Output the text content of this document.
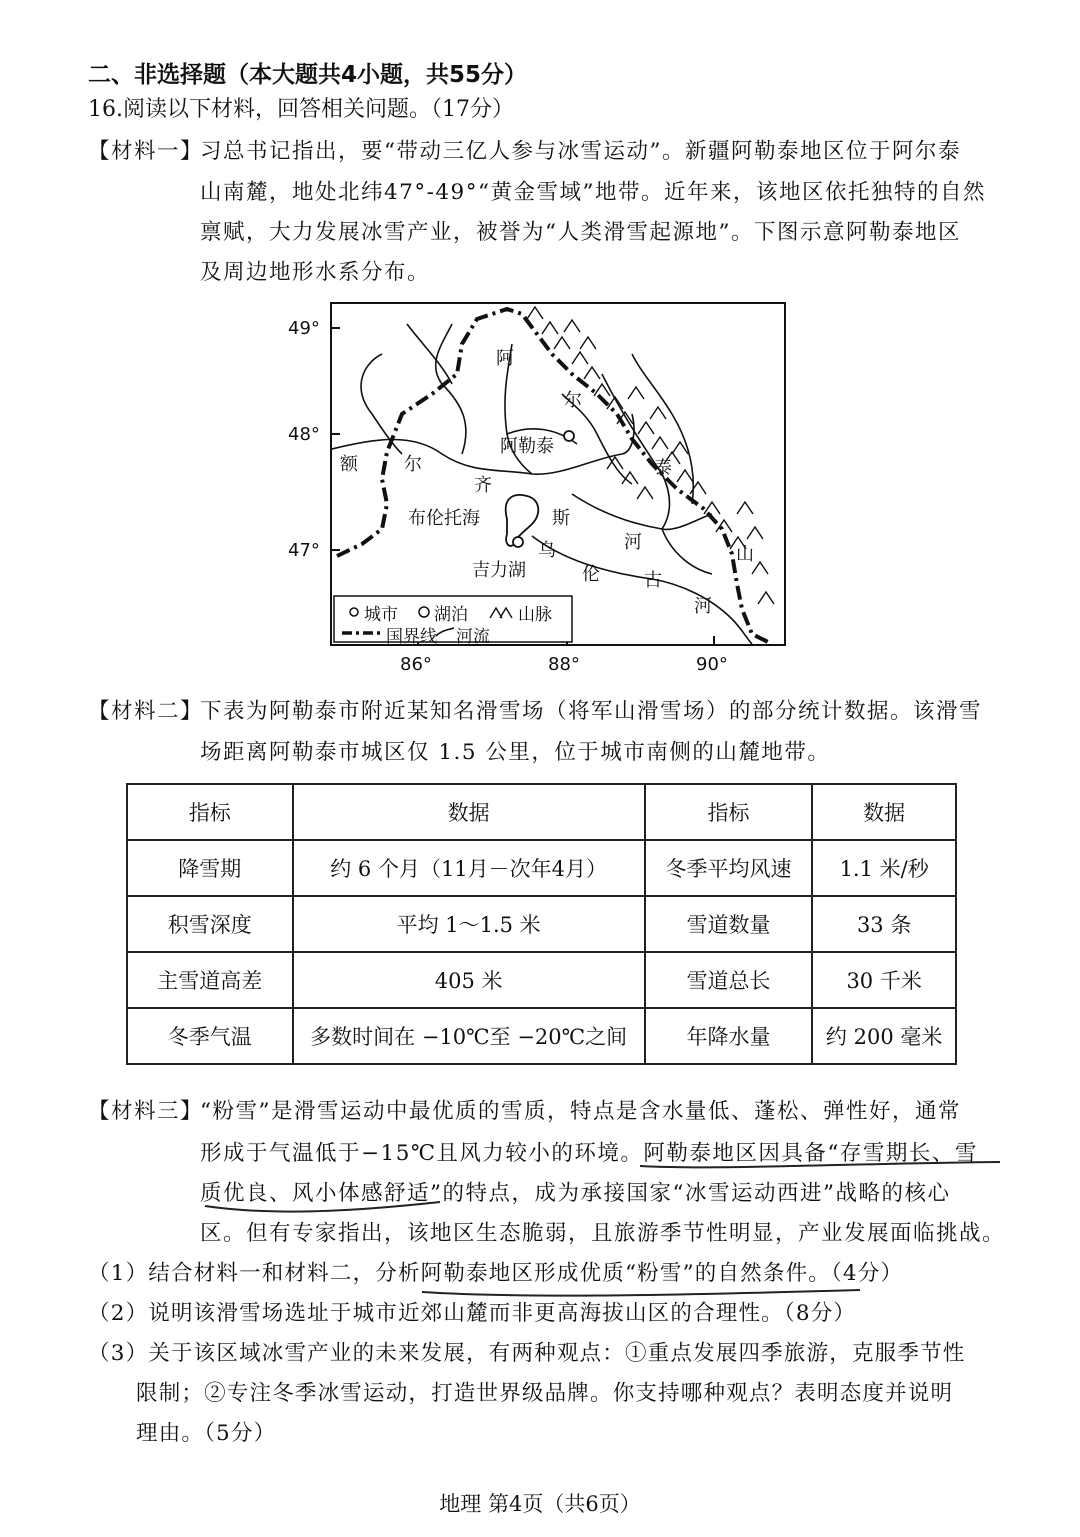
二、非选择题（本大题共4小题，共55分）
16.阅读以下材料，回答相关问题。（17分）
【材料一】
习总书记指出，要“带动三亿人参与冰雪运动”。新疆阿勒泰地区位于阿尔泰
山南麓，地处北纬47°-49°“黄金雪域”地带。近年来，该地区依托独特的自然
禀赋，大力发展冰雪产业，被誉为“人类滑雪起源地”。下图示意阿勒泰地区
及周边地形水系分布。
49°
48°
47°
86°	88°	90°
额	尔
齐
斯
河
乌
伦 古
河
阿
尔
泰
山
阿勒泰
布伦托海
吉力湖
城市 湖泊	山脉
国界线 河流
【材料二】
下表为阿勒泰市附近某知名滑雪场（将军山滑雪场）的部分统计数据。该滑雪
场距离阿勒泰市城区仅 1.5 公里，位于城市南侧的山麓地带。
指标	数据	指标	数据
降雪期	约 6 个月（11月－次年4月）	冬季平均风速	1.1 米/秒
积雪深度	平均 1～1.5 米	雪道数量	33 条
主雪道高差	405 米	雪道总长	30 千米
冬季气温	多数时间在 −10℃至 −20℃之间	年降水量	约 200 毫米
【材料三】
“粉雪”是滑雪运动中最优质的雪质，特点是含水量低、蓬松、弹性好，通常
形成于气温低于−15℃且风力较小的环境。阿勒泰地区因具备“存雪期长、雪
质优良、风小体感舒适”的特点，成为承接国家“冰雪运动西进”战略的核心
区。但有专家指出，该地区生态脆弱，且旅游季节性明显，产业发展面临挑战。
（1）结合材料一和材料二，分析阿勒泰地区形成优质“粉雪”的自然条件。（4分）
（2）说明该滑雪场选址于城市近郊山麓而非更高海拔山区的合理性。（8分）
（3）关于该区域冰雪产业的未来发展，有两种观点：①重点发展四季旅游，克服季节性
限制；②专注冬季冰雪运动，打造世界级品牌。你支持哪种观点？表明态度并说明
理由。（5分）
地理 第4页（共6页）
